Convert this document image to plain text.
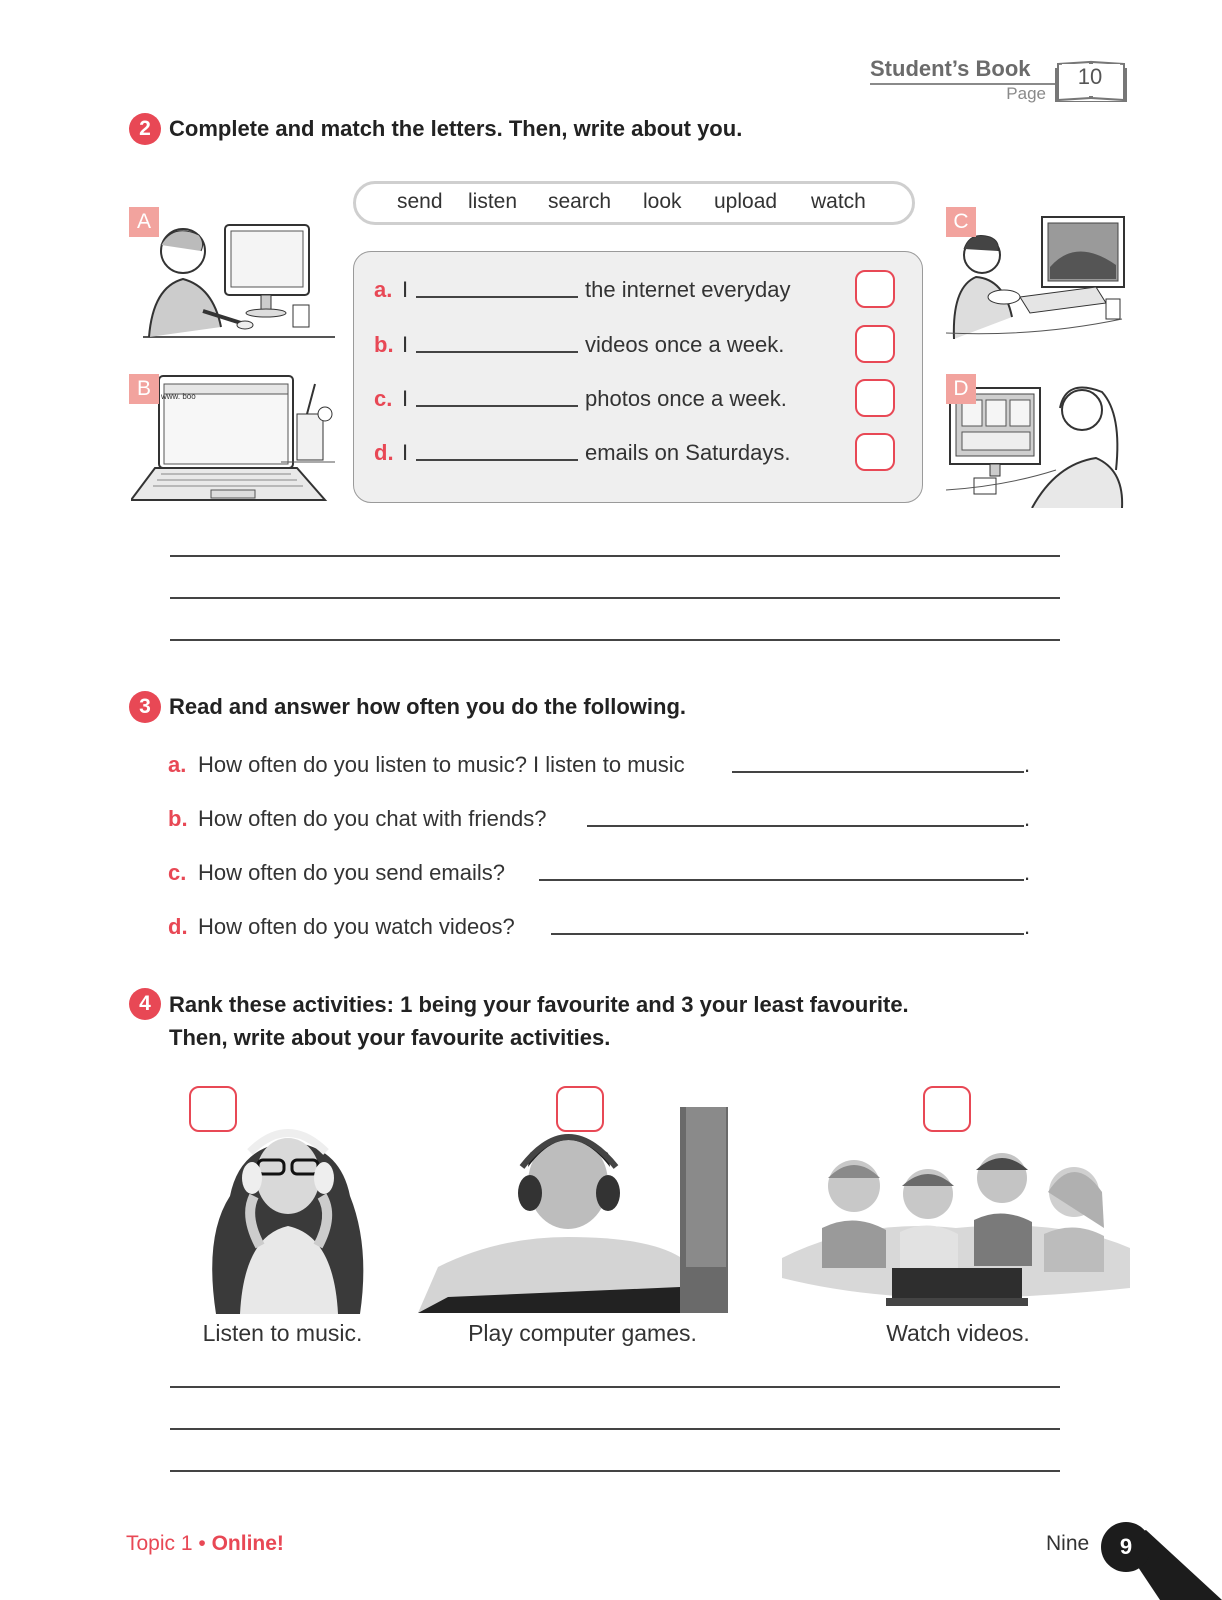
Student’s Book
Page
10
2 Complete and match the letters. Then, write about you.
send listen search look upload watch
a. I	the internet everyday
b. I	videos once a week.
c. I	photos once a week.
d. I	emails on Saturdays.
A
www. boo
B
C
D
3 Read and answer how often you do the following.
a. How often do you listen to music? I listen to music	.
b. How often do you chat with friends?	.
c. How often do you send emails?	.
d. How often do you watch videos?	.
4 Rank these activities: 1 being your favourite and 3 your least favourite.
Then, write about your favourite activities.
Listen to music.	Play computer games.	Watch videos.
Topic 1 • Online!	Nine	9
